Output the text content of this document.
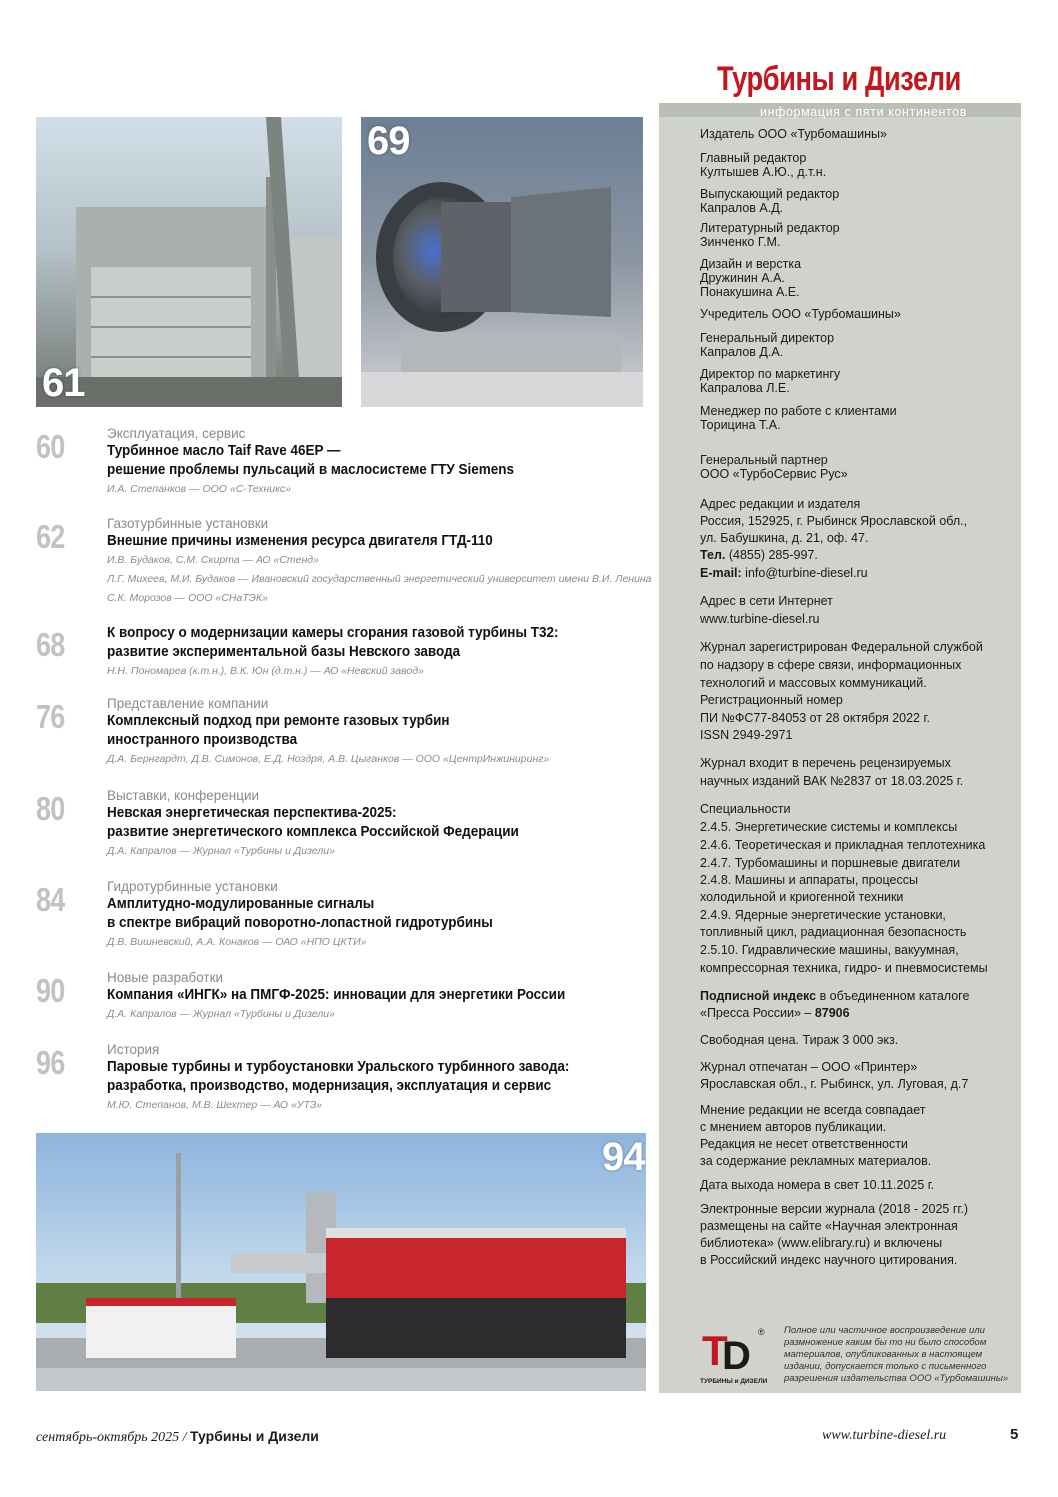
61
69
60	Эксплуатация, сервис
Турбинное масло Taif Rave 46EP —
решение проблемы пульсаций в маслосистеме ГТУ Siemens
И.А. Степанков — ООО «С-Техникс»
62	Газотурбинные установки
Внешние причины изменения ресурса двигателя ГТД-110
И.В. Будаков, С.М. Скирта — АО «Стенд»
Л.Г. Михеев, М.И. Будаков — Ивановский государственный энергетический университет имени В.И. Ленина
С.К. Морозов — ООО «СНаТЭК»
68	К вопросу о модернизации камеры сгорания газовой турбины Т32:
развитие экспериментальной базы Невского завода
Н.Н. Пономарев (к.т.н.), В.К. Юн (д.т.н.) — АО «Невский завод»
76	Представление компании
Комплексный подход при ремонте газовых турбин
иностранного производства
Д.А. Бернгардт, Д.В. Симонов, Е.Д. Ноздря, А.В. Цыганков — ООО «ЦентрИнжиниринг»
80	Выставки, конференции
Невская энергетическая перспектива-2025:
развитие энергетического комплекса Российской Федерации
Д.А. Капралов — Журнал «Турбины и Дизели»
84	Гидротурбинные установки
Амплитудно-модулированные сигналы
в спектре вибраций поворотно-лопастной гидротурбины
Д.В. Вишневский, А.А. Конаков — ОАО «НПО ЦКТИ»
90	Новые разработки
Компания «ИНГК» на ПМГФ-2025: инновации для энергетики России
Д.А. Капралов — Журнал «Турбины и Дизели»
96	История
Паровые турбины и турбоустановки Уральского турбинного завода:
разработка, производство, модернизация, эксплуатация и сервис
М.Ю. Степанов, М.В. Шехтер — АО «УТЗ»
94
Издатель ООО «Турбомашины»
Главный редактор
Култышев А.Ю., д.т.н.
Выпускающий редактор
Капралов А.Д.
Литературный редактор
Зинченко Г.М.
Дизайн и верстка
Дружинин А.А.
Понакушина А.Е.
Учредитель ООО «Турбомашины»
Генеральный директор
Капралов Д.А.
Директор по маркетингу
Капралова Л.Е.
Менеджер по работе с клиентами
Торицина Т.А.
Генеральный партнер
ООО «ТурбоСервис Рус»
Адрес редакции и издателя
Россия, 152925, г. Рыбинск Ярославской обл.,
ул. Бабушкина, д. 21, оф. 47.
Тел. (4855) 285-997.
E-mail: info@turbine-diesel.ru
Адрес в сети Интернет
www.turbine-diesel.ru
Журнал зарегистрирован Федеральной службой
по надзору в сфере связи, информационных
технологий и массовых коммуникаций.
Регистрационный номер
ПИ №ФС77-84053 от 28 октября 2022 г.
ISSN 2949-2971
Журнал входит в перечень рецензируемых
научных изданий ВАК №2837 от 18.03.2025 г.
Специальности
2.4.5. Энергетические системы и комплексы
2.4.6. Теоретическая и прикладная теплотехника
2.4.7. Турбомашины и поршневые двигатели
2.4.8. Машины и аппараты, процессы
холодильной и криогенной техники
2.4.9. Ядерные энергетические установки,
топливный цикл, радиационная безопасность
2.5.10. Гидравлические машины, вакуумная,
компрессорная техника, гидро- и пневмосистемы
Подписной индекс в объединенном каталоге
«Пресса России» – 87906
Свободная цена. Тираж 3 000 экз.
Журнал отпечатан – ООО «Принтер»
Ярославская обл., г. Рыбинск, ул. Луговая, д.7
Мнение редакции не всегда совпадает
с мнением авторов публикации.
Редакция не несет ответственности
за содержание рекламных материалов.
Дата выхода номера в свет 10.11.2025 г.
Электронные версии журнала (2018 - 2025 гг.)
размещены на сайте «Научная электронная
библиотека» (www.elibrary.ru) и включены
в Российский индекс научного цитирования.
Турбины и Дизели
информация с пяти континентов
T
D
®
ТУРБИНЫ и ДИЗЕЛИ
Полное или частичное воспроизведение или
размножение каким бы то ни было способом
материалов, опубликованных в настоящем
издании, допускается только с письменного
разрешения издательства ООО «Турбомашины»
сентябрь-октябрь 2025 / Турбины и Дизели	www.turbine-diesel.ru	5
